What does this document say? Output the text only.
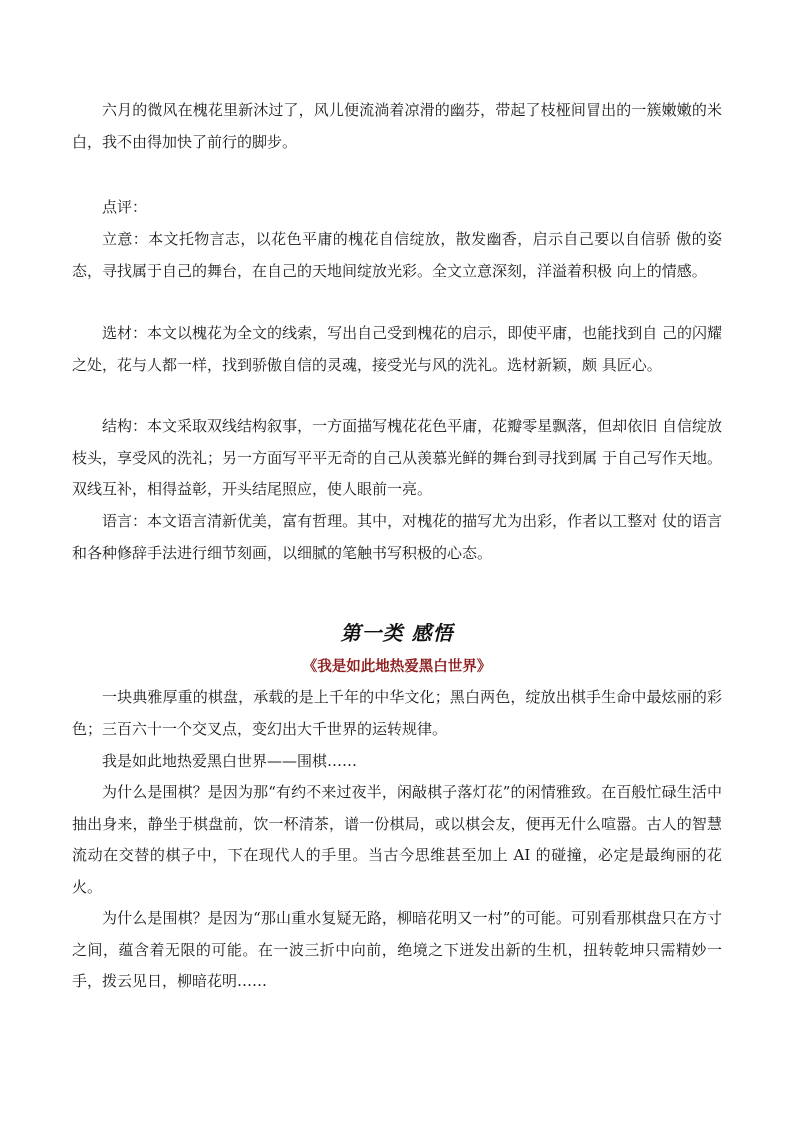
六月的微风在槐花里新沐过了，风儿便流淌着凉滑的幽芬，带起了枝桠间冒出的一簇嫩嫩的米白，我不由得加快了前行的脚步。

点评：

立意：本文托物言志，以花色平庸的槐花自信绽放，散发幽香，启示自己要以自信骄 傲的姿态，寻找属于自己的舞台，在自己的天地间绽放光彩。全文立意深刻，洋溢着积极 向上的情感。

选材：本文以槐花为全文的线索，写出自己受到槐花的启示，即使平庸，也能找到自 己的闪耀之处，花与人都一样，找到骄傲自信的灵魂，接受光与风的洗礼。选材新颖，颇 具匠心。

结构：本文采取双线结构叙事，一方面描写槐花花色平庸，花瓣零星飘落，但却依旧 自信绽放枝头，享受风的洗礼；另一方面写平平无奇的自己从羡慕光鲜的舞台到寻找到属 于自己写作天地。双线互补，相得益彰，开头结尾照应，使人眼前一亮。

语言：本文语言清新优美，富有哲理。其中，对槐花的描写尤为出彩，作者以工整对 仗的语言和各种修辞手法进行细节刻画，以细腻的笔触书写积极的心态。

第一类 感悟

《我是如此地热爱黑白世界》

一块典雅厚重的棋盘，承载的是上千年的中华文化；黑白两色，绽放出棋手生命中最炫丽的彩色；三百六十一个交叉点，变幻出大千世界的运转规律。

我是如此地热爱黑白世界——围棋……

为什么是围棋？是因为那“有约不来过夜半，闲敲棋子落灯花”的闲情雅致。在百般忙碌生活中抽出身来，静坐于棋盘前，饮一杯清茶，谱一份棋局，或以棋会友，便再无什么喧嚣。古人的智慧流动在交替的棋子中，下在现代人的手里。当古今思维甚至加上 AI 的碰撞，必定是最绚丽的花火。

为什么是围棋？是因为“那山重水复疑无路，柳暗花明又一村”的可能。可别看那棋盘只在方寸之间，蕴含着无限的可能。在一波三折中向前，绝境之下迸发出新的生机，扭转乾坤只需精妙一手，拨云见日，柳暗花明……
